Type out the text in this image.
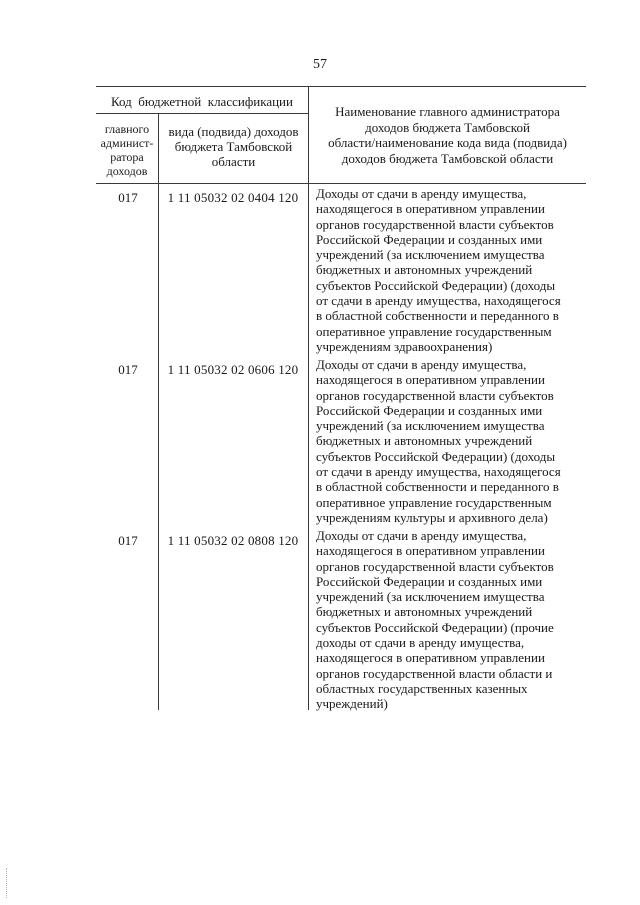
57
Код  бюджетной  классификации
главного
админист-
ратора
доходов
вида (подвида) доходов
бюджета Тамбовской
области
Наименование главного администратора
доходов бюджета Тамбовской
области/наименование кода вида (подвида)
доходов бюджета Тамбовской области
017	1 11 05032 02 0404 120	Доходы от сдачи в аренду имущества,
находящегося в оперативном управлении
органов государственной власти субъектов
Российской Федерации и созданных ими
учреждений (за исключением имущества
бюджетных и автономных учреждений
субъектов Российской Федерации) (доходы
от сдачи в аренду имущества, находящегося
в областной собственности и переданного в
оперативное управление государственным
учреждениям здравоохранения)
017	1 11 05032 02 0606 120	Доходы от сдачи в аренду имущества,
находящегося в оперативном управлении
органов государственной власти субъектов
Российской Федерации и созданных ими
учреждений (за исключением имущества
бюджетных и автономных учреждений
субъектов Российской Федерации) (доходы
от сдачи в аренду имущества, находящегося
в областной собственности и переданного в
оперативное управление государственным
учреждениям культуры и архивного дела)
017	1 11 05032 02 0808 120	Доходы от сдачи в аренду имущества,
находящегося в оперативном управлении
органов государственной власти субъектов
Российской Федерации и созданных ими
учреждений (за исключением имущества
бюджетных и автономных учреждений
субъектов Российской Федерации) (прочие
доходы от сдачи в аренду имущества,
находящегося в оперативном управлении
органов государственной власти области и
областных государственных казенных
учреждений)
